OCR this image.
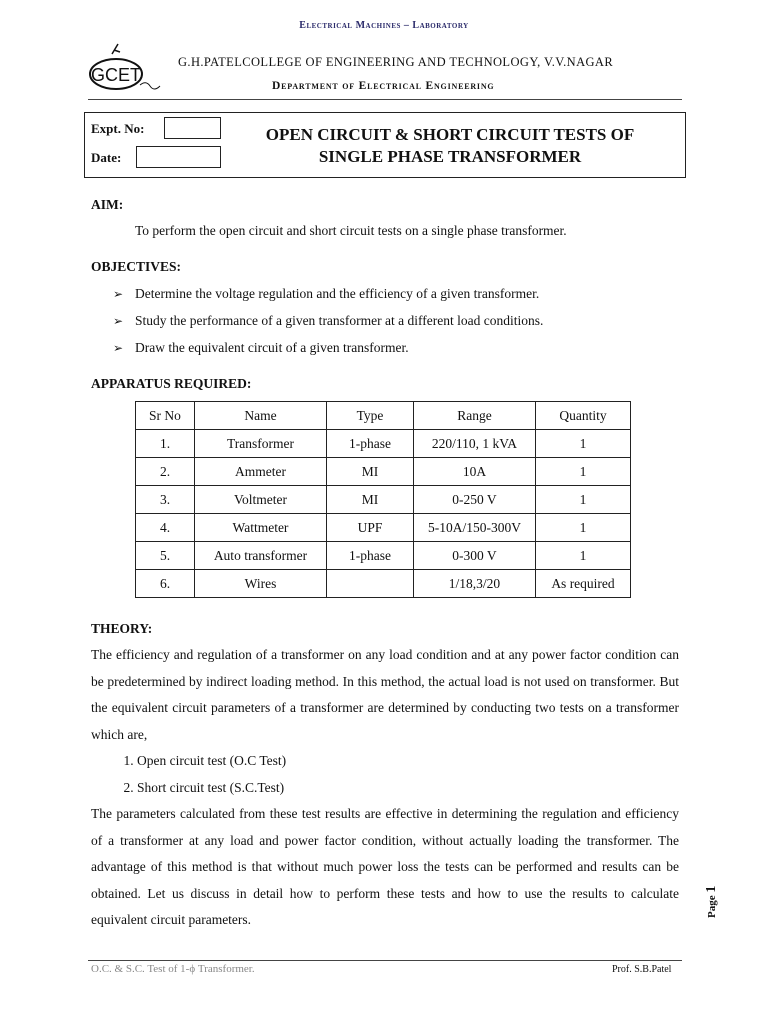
Electrical Machines – Laboratory
GCET
G.H.PATELCOLLEGE OF ENGINEERING AND TECHNOLOGY, V.V.NAGAR
Department of Electrical Engineering
Expt. No:
Date:
OPEN CIRCUIT & SHORT CIRCUIT TESTS OF
SINGLE PHASE TRANSFORMER
AIM:
To perform the open circuit and short circuit tests on a single phase transformer.
OBJECTIVES:
➢ Determine the voltage regulation and the efficiency of a given transformer.
➢ Study the performance of a given transformer at a different load conditions.
➢ Draw the equivalent circuit of a given transformer.
APPARATUS REQUIRED:
Sr No	Name	Type	Range	Quantity
1.	Transformer	1-phase	220/110, 1 kVA	1
2.	Ammeter	MI	10A	1
3.	Voltmeter	MI	0-250 V	1
4.	Wattmeter	UPF	5-10A/150-300V	1
5.	Auto transformer	1-phase	0-300 V	1
6.	Wires		1/18,3/20	As required
THEORY:

The efficiency and regulation of a transformer on any load condition and at any power factor condition can be predetermined by indirect loading method. In this method, the actual load is not used on transformer. But the equivalent circuit parameters of a transformer are determined by conducting two tests on a transformer which are,

1. Open circuit test (O.C Test)
2. Short circuit test (S.C.Test)

The parameters calculated from these test results are effective in determining the regulation and efficiency of a transformer at any load and power factor condition, without actually loading the transformer. The advantage of this method is that without much power loss the tests can be performed and results can be obtained. Let us discuss in detail how to perform these tests and how to use the results to calculate equivalent circuit parameters.

Page 1
O.C. & S.C. Test of 1-ϕ Transformer.	Prof. S.B.Patel
